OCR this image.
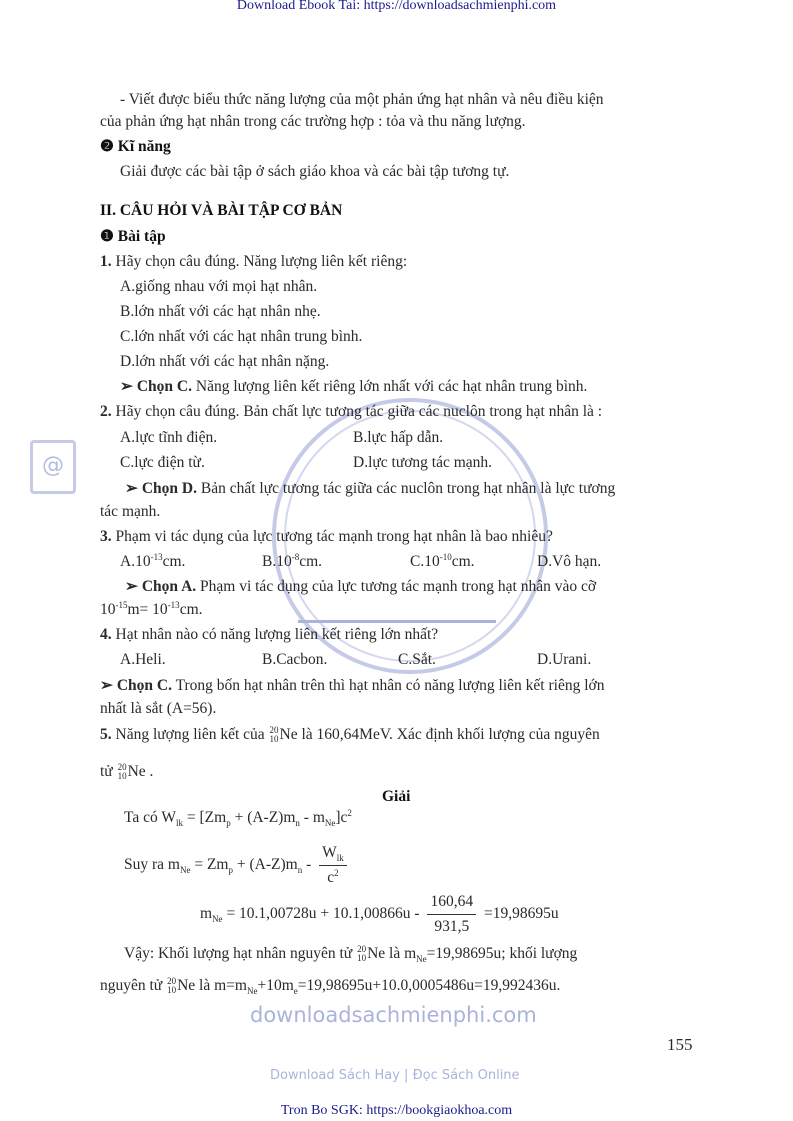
Download Ebook Tai: https://downloadsachmienphi.com
@
downloadsachmienphi.com
Download Sách Hay | Đọc Sách Online
- Viết được biểu thức năng lượng của một phản ứng hạt nhân và nêu điều kiện
của phản ứng hạt nhân trong các trường hợp : tỏa và thu năng lượng.
❷ Kĩ năng
Giải được các bài tập ở sách giáo khoa và các bài tập tương tự.
II. CÂU HỎI VÀ BÀI TẬP CƠ BẢN
❶ Bài tập
1. Hãy chọn câu đúng. Năng lượng liên kết riêng:
A.giống nhau với mọi hạt nhân.
B.lớn nhất với các hạt nhân nhẹ.
C.lớn nhất với các hạt nhân trung bình.
D.lớn nhất với các hạt nhân nặng.
➢ Chọn C. Năng lượng liên kết riêng lớn nhất với các hạt nhân trung bình.
2. Hãy chọn câu đúng. Bản chất lực tương tác giữa các nuclôn trong hạt nhân là :
A.lực tĩnh điện.	B.lực hấp dẫn.
C.lực điện từ.	D.lực tương tác mạnh.
➢ Chọn D. Bản chất lực tương tác giữa các nuclôn trong hạt nhân là lực tương
tác mạnh.
3. Phạm vi tác dụng của lực tương tác mạnh trong hạt nhân là bao nhiêu?
$A.10^{-13}cm$.	$B.10^{-8}cm$.	$C.10^{-10}cm$.	D.Vô hạn.
➢ Chọn A. Phạm vi tác dụng của lực tương tác mạnh trong hạt nhân vào cỡ
$10^{-15}m= 10^{-13}cm$.
4. Hạt nhân nào có năng lượng liên kết riêng lớn nhất?
A.Heli.	B.Cacbon.	C.Sắt.	D.Urani.
➢ Chọn C. Trong bốn hạt nhân trên thì hạt nhân có năng lượng liên kết riêng lớn
nhất là sắt (A=56).
5. Năng lượng liên kết của 20
10 Ne là 160,64MeV. Xác định khối lượng của nguyên
tử 20
10 Ne .
Giải
Ta có $W_{lk} = [Zm_p + (A-Z)m_n - m_{Ne}]c^2$
Suy ra $m_{Ne} = Zm_p + (A-Z)m_n - \frac{W_{lk}}{c^2}$
$m_{Ne} = 10.1,00728u + 10.1,00866u - \frac{160,64}{931,5} =19,98695u$
Vậy: Khối lượng hạt nhân nguyên tử 20
10 Ne là $m_{Ne}=19,98695u$; khối lượng
nguyên tử 20
10 Ne là $m=m_{Ne}+10m_e=19,98695u+10.0,0005486u=19,992436u$.
155
Tron Bo SGK: https://bookgiaokhoa.com
